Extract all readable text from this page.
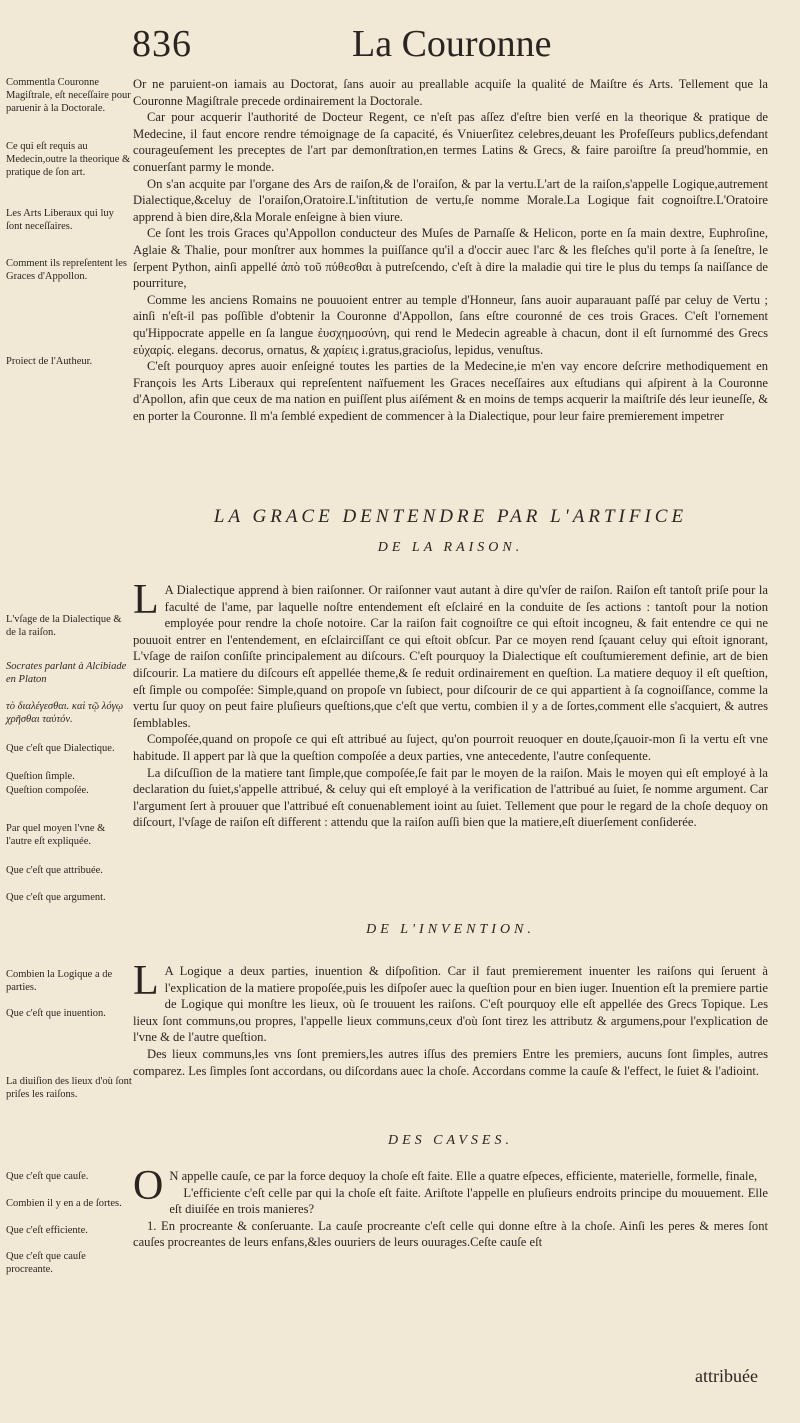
836	La Couronne
Commentla Couronne Magiſtrale, eſt neceſſaire pour paruenir à la Doctorale.
Ce qui eſt requis au Medecin,outre la theorique & pratique de ſon art.
Les Arts Liberaux qui luy ſont neceſſaires.
Comment ils repreſentent les Graces d'Appollon.
Proiect de l'Autheur.
L'vſage de la Dialectique & de la raiſon.
Socrates parlant à Alcibiade en Platon
τὸ διαλέγεσθαι. καὶ τῷ λόγῳ χρῆσθαι ταὐτόν.
Que c'eſt que Dialectique.
Queſtion ſimple.
Queſtion compoſée.
Par quel moyen l'vne & l'autre eſt expliquée.
Que c'eſt que attribuée.
Que c'eſt que argument.
Combien la Logique a de parties.
Que c'eſt que inuention.
La diuiſion des lieux d'où ſont priſes les raiſons.
Que c'eſt que cauſe.
Combien il y en a de ſortes.
Que c'eſt efficiente.
Que c'eſt que cauſe procreante.

Or ne paruient-on iamais au Doctorat, ſans auoir au preallable acquiſe la qualité de Maiſtre és Arts. Tellement que la Couronne Magiſtrale precede ordinairement la Doctorale.

Car pour acquerir l'authorité de Docteur Regent, ce n'eſt pas aſſez d'eſtre bien verſé en la theorique & pratique de Medecine, il faut encore rendre témoignage de ſa capacité, és Vniuerſitez celebres,deuant les Profeſſeurs publics,defendant courageuſement les preceptes de l'art par demonſtration,en termes Latins & Grecs, & faire paroiſtre ſa preud'hommie, en conuerſant parmy le monde.

On s'an acquite par l'organe des Ars de raiſon,& de l'oraiſon, & par la vertu.L'art de la raiſon,s'appelle Logique,autrement Dialectique,&celuy de l'oraiſon,Oratoire.L'inſtitution de vertu,ſe nomme Morale.La Logique fait cognoiſtre.L'Oratoire apprend à bien dire,&la Morale enſeigne à bien viure.

Ce ſont les trois Graces qu'Appollon conducteur des Muſes de Parnaſſe & Helicon, porte en ſa main dextre, Euphroſine, Aglaie & Thalie, pour monſtrer aux hommes la puiſſance qu'il a d'occir auec l'arc & les fleſches qu'il porte à ſa ſeneſtre, le ſerpent Python, ainſi appellé ἀπὸ τοῦ πύθεσθαι à putreſcendo, c'eſt à dire la maladie qui tire le plus du temps ſa naiſſance de pourriture,

Comme les anciens Romains ne pouuoient entrer au temple d'Honneur, ſans auoir auparauant paſſé par celuy de Vertu ; ainſi n'eſt-il pas poſſible d'obtenir la Couronne d'Appollon, ſans eſtre couronné de ces trois Graces. C'eſt l'ornement qu'Hippocrate appelle en ſa langue ἐυσχημοσύνη, qui rend le Medecin agreable à chacun, dont il eſt ſurnommé des Grecs εὐχαρίς. elegans. decorus, ornatus, & χαρίεις i.gratus,gracioſus, lepidus, venuſtus.

C'eſt pourquoy apres auoir enſeigné toutes les parties de la Medecine,ie m'en vay encore deſcrire methodiquement en François les Arts Liberaux qui repreſentent naïfuement les Graces neceſſaires aux eſtudians qui aſpirent à la Couronne d'Apollon, afin que ceux de ma nation en puiſſent plus aiſément & en moins de temps acquerir la maiſtriſe dés leur ieuneſſe, & en porter la Couronne. Il m'a ſemblé expedient de commencer à la Dialectique, pour leur faire premierement impetrer

LA GRACE DENTENDRE PAR L'ARTIFICE
DE LA RAISON.

L A Dialectique apprend à bien raiſonner. Or raiſonner vaut autant à dire qu'vſer de raiſon. Raiſon eſt tantoſt priſe pour la faculté de l'ame, par laquelle noſtre entendement eſt eſclairé en la conduite de ſes actions : tantoſt pour la notion employée pour rendre la choſe notoire. Car la raiſon fait cognoiſtre ce qui eſtoit incogneu, & fait entendre ce qui ne pouuoit entrer en l'entendement, en eſclairciſſant ce qui eſtoit obſcur. Par ce moyen rend ſçauant celuy qui eſtoit ignorant, L'vſage de raiſon conſiſte principalement au diſcours. C'eſt pourquoy la Dialectique eſt couſtumierement definie, art de bien diſcourir. La matiere du diſcours eſt appellée theme,& ſe reduit ordinairement en queſtion. La matiere dequoy il eſt queſtion, eſt ſimple ou compoſée: Simple,quand on propoſe vn ſubiect, pour diſcourir de ce qui appartient à ſa cognoiſſance, comme la vertu ſur quoy on peut faire pluſieurs queſtions,que c'eſt que vertu, combien il y a de ſortes,comment elle s'acquiert, & autres ſemblables.

Compoſée,quand on propoſe ce qui eſt attribué au ſuject, qu'on pourroit reuoquer en doute,ſçauoir-mon ſi la vertu eſt vne habitude. Il appert par là que la queſtion compoſée a deux parties, vne antecedente, l'autre conſequente.

La diſcuſſion de la matiere tant ſimple,que compoſée,ſe fait par le moyen de la raiſon. Mais le moyen qui eſt employé à la declaration du ſuiet,s'appelle attribué, & celuy qui eſt employé à la verification de l'attribué au ſuiet, ſe nomme argument. Car l'argument ſert à prouuer que l'attribué eſt conuenablement ioint au ſuiet. Tellement que pour le regard de la choſe dequoy on diſcourt, l'vſage de raiſon eſt different : attendu que la raiſon auſſi bien que la matiere,eſt diuerſement conſiderée.

DE L'INVENTION.

L A Logique a deux parties, inuention & diſpoſition. Car il faut premierement inuenter les raiſons qui ſeruent à l'explication de la matiere propoſée,puis les diſpoſer auec la queſtion pour en bien iuger. Inuention eſt la premiere partie de Logique qui monſtre les lieux, où ſe trouuent les raiſons. C'eſt pourquoy elle eſt appellée des Grecs Topique. Les lieux ſont communs,ou propres, l'appelle lieux communs,ceux d'où ſont tirez les attributz & argumens,pour l'explication de l'vne & de l'autre queſtion.

Des lieux communs,les vns ſont premiers,les autres iſſus des premiers Entre les premiers, aucuns ſont ſimples, autres comparez. Les ſimples ſont accordans, ou diſcordans auec la choſe. Accordans comme la cauſe & l'effect, le ſuiet & l'adioint.

DES CAVSES.

O N appelle cauſe, ce par la force dequoy la choſe eſt faite. Elle a quatre eſpeces, efficiente, materielle, formelle, finale,

L'efficiente c'eſt celle par qui la choſe eſt faite. Ariſtote l'appelle en pluſieurs endroits principe du mouuement. Elle eſt diuiſée en trois manieres?

1. En procreante & conſeruante. La cauſe procreante c'eſt celle qui donne eſtre à la choſe. Ainſi les peres & meres ſont cauſes procreantes de leurs enfans,&les ouuriers de leurs ouurages.Ceſte cauſe eſt

attribuée
